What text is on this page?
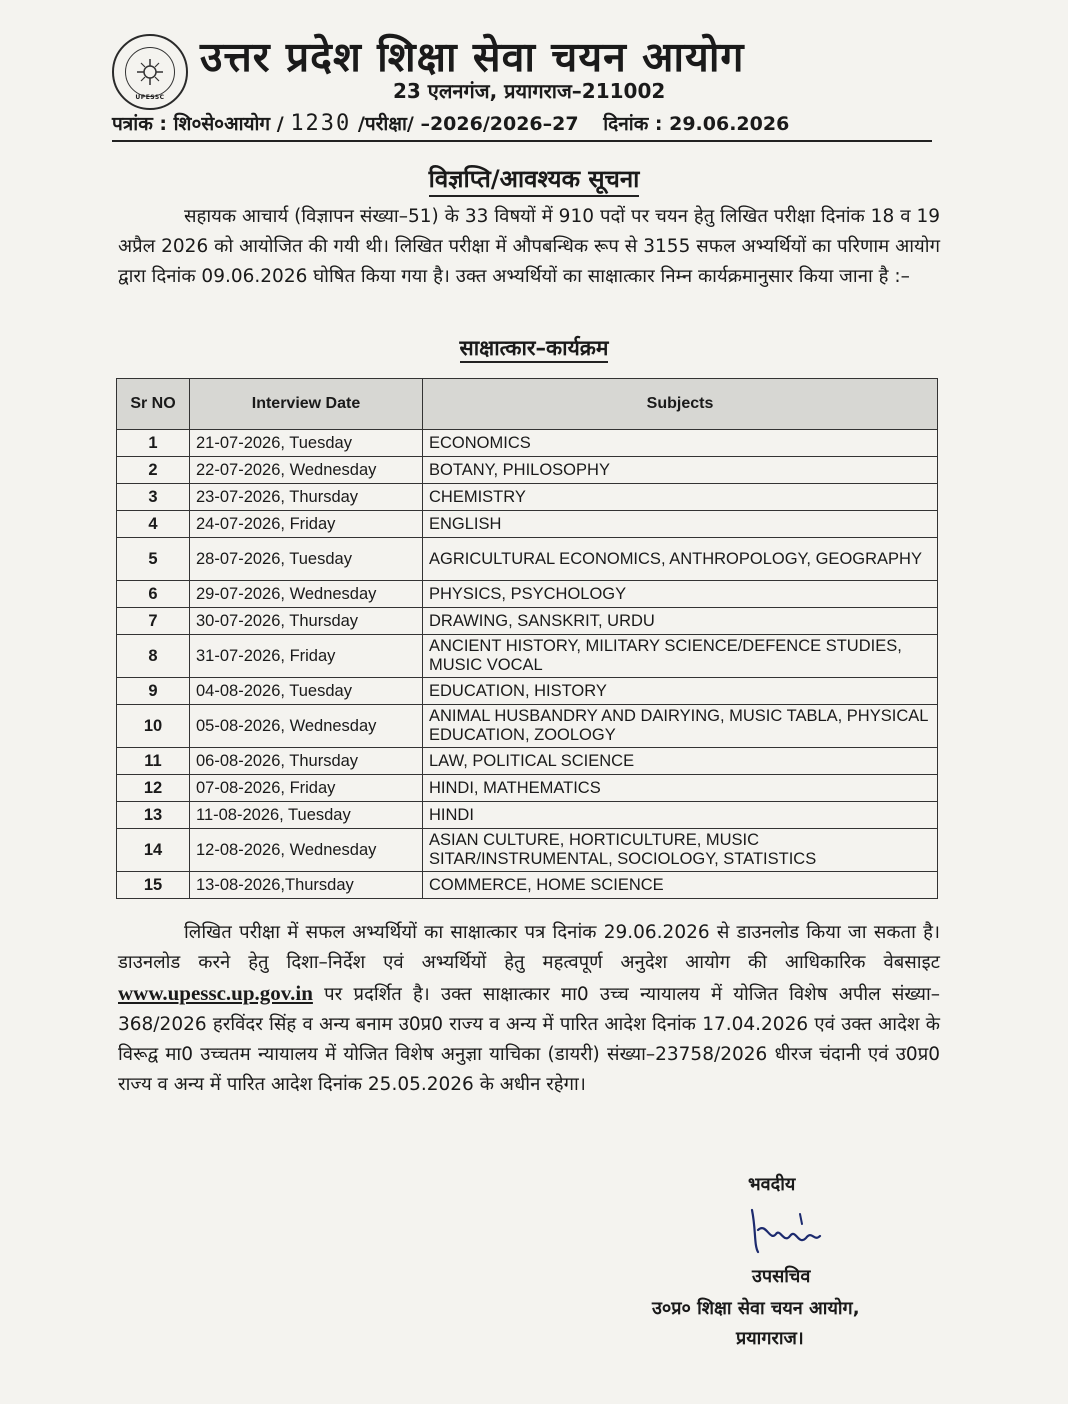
UPESSC
उत्तर प्रदेश शिक्षा सेवा चयन आयोग
23 एलनगंज, प्रयागराज–211002
पत्रांक : शि०से०आयोग / 1230 /परीक्षा/ –2026/2026–27 दिनांक : 29.06.2026
विज्ञप्ति/आवश्यक सूचना
सहायक आचार्य (विज्ञापन संख्या–51) के 33 विषयों में 910 पदों पर चयन हेतु लिखित परीक्षा दिनांक 18 व 19 अप्रैल 2026 को आयोजित की गयी थी। लिखित परीक्षा में औपबन्धिक रूप से 3155 सफल अभ्यर्थियों का परिणाम आयोग द्वारा दिनांक 09.06.2026 घोषित किया गया है। उक्त अभ्यर्थियों का साक्षात्कार निम्न कार्यक्रमानुसार किया जाना है :–
साक्षात्कार–कार्यक्रम
Sr NO	Interview Date	Subjects
1	21-07-2026, Tuesday	ECONOMICS
2	22-07-2026, Wednesday	BOTANY, PHILOSOPHY
3	23-07-2026, Thursday	CHEMISTRY
4	24-07-2026, Friday	ENGLISH
5	28-07-2026, Tuesday	AGRICULTURAL ECONOMICS, ANTHROPOLOGY, GEOGRAPHY
6	29-07-2026, Wednesday	PHYSICS, PSYCHOLOGY
7	30-07-2026, Thursday	DRAWING, SANSKRIT, URDU
8	31-07-2026, Friday	ANCIENT HISTORY, MILITARY SCIENCE/DEFENCE STUDIES, MUSIC VOCAL
9	04-08-2026, Tuesday	EDUCATION, HISTORY
10	05-08-2026, Wednesday	ANIMAL HUSBANDRY AND DAIRYING, MUSIC TABLA, PHYSICAL EDUCATION, ZOOLOGY
11	06-08-2026, Thursday	LAW, POLITICAL SCIENCE
12	07-08-2026, Friday	HINDI, MATHEMATICS
13	11-08-2026, Tuesday	HINDI
14	12-08-2026, Wednesday	ASIAN CULTURE, HORTICULTURE, MUSIC SITAR/INSTRUMENTAL, SOCIOLOGY, STATISTICS
15	13-08-2026,Thursday	COMMERCE, HOME SCIENCE
लिखित परीक्षा में सफल अभ्यर्थियों का साक्षात्कार पत्र दिनांक 29.06.2026 से डाउनलोड किया जा सकता है। डाउनलोड करने हेतु दिशा–निर्देश एवं अभ्यर्थियों हेतु महत्वपूर्ण अनुदेश आयोग की आधिकारिक वेबसाइट www.upessc.up.gov.in पर प्रदर्शित है। उक्त साक्षात्कार मा0 उच्च न्यायालय में योजित विशेष अपील संख्या–368/2026 हरविंदर सिंह व अन्य बनाम उ0प्र0 राज्य व अन्य में पारित आदेश दिनांक 17.04.2026 एवं उक्त आदेश के विरूद्व मा0 उच्चतम न्यायालय में योजित विशेष अनुज्ञा याचिका (डायरी) संख्या–23758/2026 धीरज चंदानी एवं उ0प्र0 राज्य व अन्य में पारित आदेश दिनांक 25.05.2026 के अधीन रहेगा।
भवदीय
उपसचिव
उ०प्र० शिक्षा सेवा चयन आयोग,
प्रयागराज।
